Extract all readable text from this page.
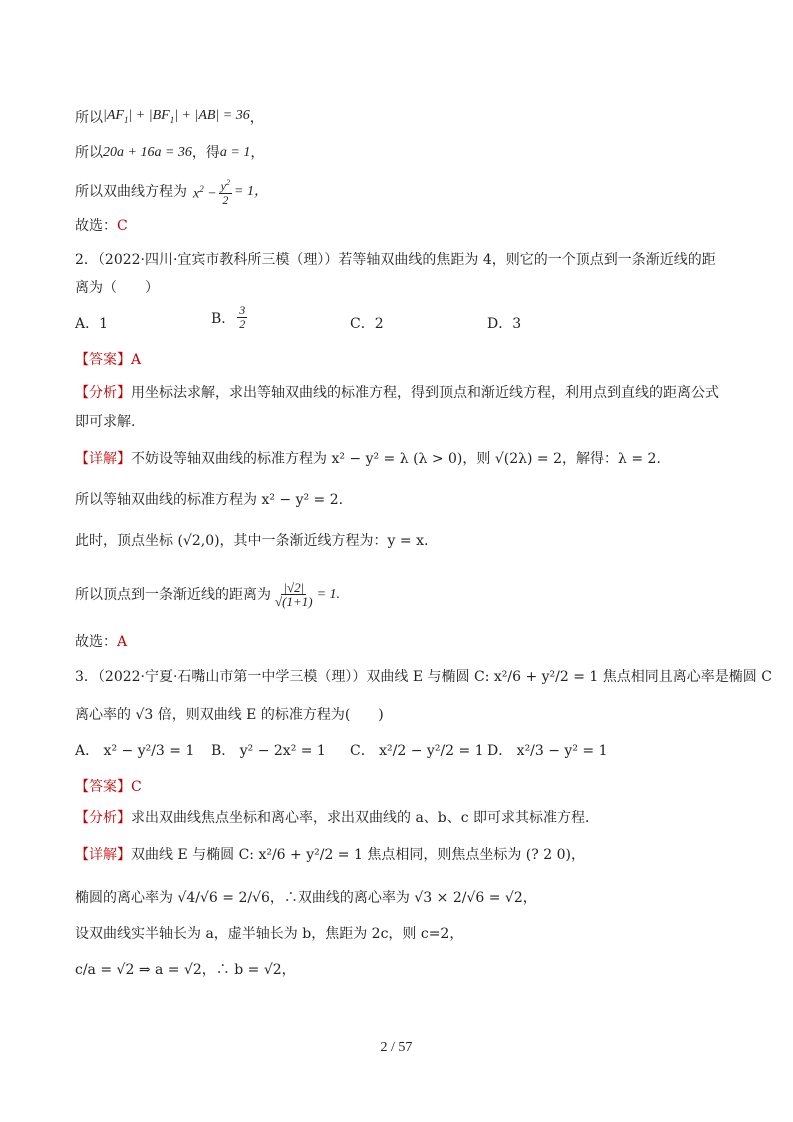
所以 $|AF_1| + |BF_1| + |AB| = 36$ ，
所以 20a + 16a = 36 ，得 a = 1 ，
所以双曲线方程为 $x^2 - \frac{y^2}{2} = 1$，
故选： C
2．（2022·四川·宜宾市教科所三模（理））若等轴双曲线的焦距为 4，则它的一个顶点到一条渐近线的距
离为（　　）
A．1	B． $\frac{3}{2}$	C．2	D．3
【答案】 A
【分析】 用坐标法求解，求出等轴双曲线的标准方程，得到顶点和渐近线方程，利用点到直线的距离公式
即可求解.
【详解】 不妨设等轴双曲线的标准方程为 x² − y² = λ (λ > 0)，则 √(2λ) = 2，解得：λ = 2.
所以等轴双曲线的标准方程为 x² − y² = 2.
此时，顶点坐标 (√2,0)，其中一条渐近线方程为：y = x.
所以顶点到一条渐近线的距离为 $\frac{|√2|}{√(1+1)} = 1$.
故选： A
3．（2022·宁夏·石嘴山市第一中学三模（理））双曲线 E 与椭圆 C: x²/6 + y²/2 = 1 焦点相同且离心率是椭圆 C
离心率的 √3 倍，则双曲线 E 的标准方程为(　　)
A． x² − y²/3 = 1 B． y² − 2x² = 1 C． x²/2 − y²/2 = 1 D． x²/3 − y² = 1
【答案】 C
【分析】 求出双曲线焦点坐标和离心率，求出双曲线的 a、b、c 即可求其标准方程．
【详解】 双曲线 E 与椭圆 C: x²/6 + y²/2 = 1 焦点相同，则焦点坐标为 (? 2 0)，
椭圆的离心率为 √4/√6 = 2/√6，∴双曲线的离心率为 √3 × 2/√6 = √2，
设双曲线实半轴长为 a，虚半轴长为 b，焦距为 2c，则 c=2，
c/a = √2 ⇒ a = √2，∴ b = √2，
2 / 57
